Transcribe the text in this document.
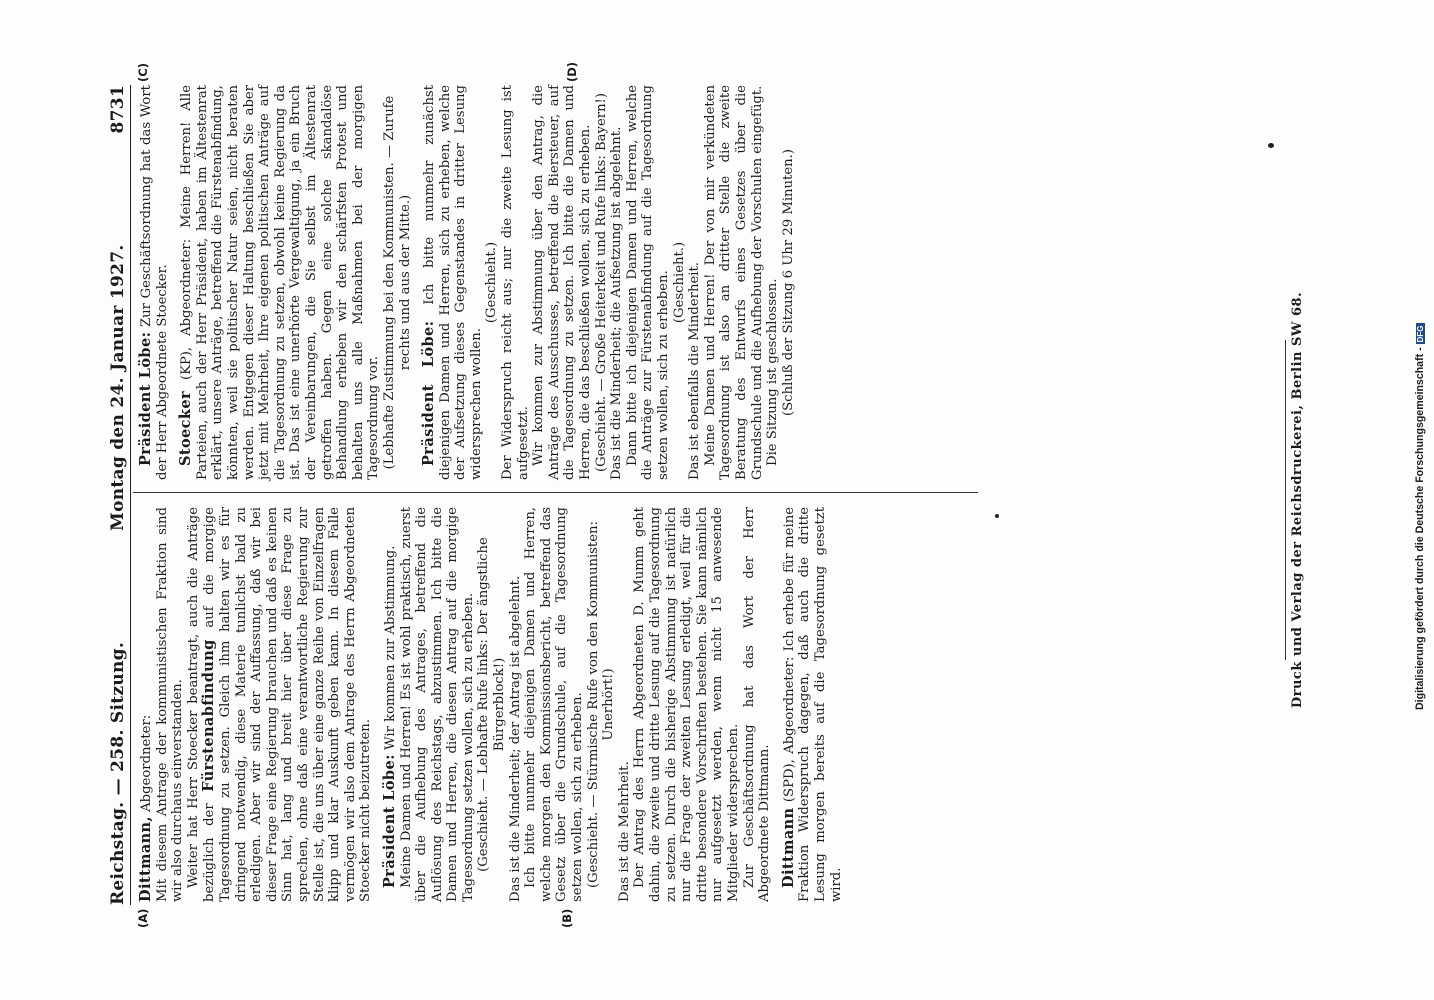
Reichstag. — 258. Sitzung.
Montag den 24. Januar 1927.
8731
(A)	(B)
(C)	(D)

Dittmann, Abgeordneter: Mit diesem Antrage der kommunistischen Fraktion sind wir also durchaus einverstanden. Weiter hat Herr Stoecker beantragt, auch die Anträge bezüglich der Fürstenabfindung auf die morgige Tagesordnung zu setzen. Gleich ihm halten wir es für dringend notwendig, diese Materie tunlichst bald zu erledigen. Aber wir sind der Auffassung, daß wir bei dieser Frage eine Regierung brauchen und daß es keinen Sinn hat, lang und breit hier über diese Frage zu sprechen, ohne daß eine verantwortliche Regierung zur Stelle ist, die uns über eine ganze Reihe von Einzelfragen klipp und klar Auskunft geben kann. In diesem Falle vermögen wir also dem Antrage des Herrn Abgeordneten Stoecker nicht beizutreten. Präsident Löbe: Wir kommen zur Abstimmung. Meine Damen und Herren! Es ist wohl praktisch, zuerst über die Aufhebung des Antrages, betreffend die Auflösung des Reichstags, abzustimmen. Ich bitte die Damen und Herren, die diesen Antrag auf die morgige Tagesordnung setzen wollen, sich zu erheben. (Geschieht. — Lebhafte Rufe links: Der ängstliche Bürgerblock!) Das ist die Minderheit; der Antrag ist abgelehnt. Ich bitte nunmehr diejenigen Damen und Herren, welche morgen den Kommissionsbericht, betreffend das Gesetz über die Grundschule, auf die Tagesordnung setzen wollen, sich zu erheben. (Geschieht. — Stürmische Rufe von den Kommunisten: Unerhört!)

Das ist die Mehrheit. Der Antrag des Herrn Abgeordneten D. Mumm geht dahin, die zweite und dritte Lesung auf die Tagesordnung zu setzen. Durch die bisherige Abstimmung ist natürlich nur die Frage der zweiten Lesung erledigt, weil für die dritte besondere Vorschriften bestehen. Sie kann nämlich nur aufgesetzt werden, wenn nicht 15 anwesende Mitglieder widersprechen. Zur Geschäftsordnung hat das Wort der Herr Abgeordnete Dittmann. Dittmann (SPD), Abgeordneter: Ich erhebe für meine Fraktion Widerspruch dagegen, daß auch die dritte Lesung morgen bereits auf die Tagesordnung gesetzt wird.

Präsident Löbe: Zur Geschäftsordnung hat das Wort der Herr Abgeordnete Stoecker. Stoecker (KP), Abgeordneter: Meine Herren! Alle Parteien, auch der Herr Präsident, haben im Ältestenrat erklärt, unsere Anträge, betreffend die Fürstenabfindung, könnten, weil sie politischer Natur seien, nicht beraten werden. Entgegen dieser Haltung beschließen Sie aber jetzt mit Mehrheit, Ihre eigenen politischen Anträge auf die Tagesordnung zu setzen, obwohl keine Regierung da ist. Das ist eine unerhörte Vergewaltigung, ja ein Bruch der Vereinbarungen, die Sie selbst im Ältestenrat getroffen haben. Gegen eine solche skandalöse Behandlung erheben wir den schärfsten Protest und behalten uns alle Maßnahmen bei der morgigen Tagesordnung vor. (Lebhafte Zustimmung bei den Kommunisten. — Zurufe rechts und aus der Mitte.)

Präsident Löbe: Ich bitte nunmehr zunächst diejenigen Damen und Herren, sich zu erheben, welche der Aufsetzung dieses Gegenstandes in dritter Lesung widersprechen wollen.

(Geschieht.) Der Widerspruch reicht aus; nur die zweite Lesung ist aufgesetzt. Wir kommen zur Abstimmung über den Antrag, die Anträge des Ausschusses, betreffend die Biersteuer, auf die Tagesordnung zu setzen. Ich bitte die Damen und Herren, die das beschließen wollen, sich zu erheben. (Geschieht. — Große Heiterkeit und Rufe links: Bayern!) Das ist die Minderheit; die Aufsetzung ist abgelehnt. Dann bitte ich diejenigen Damen und Herren, welche die Anträge zur Fürstenabfindung auf die Tagesordnung setzen wollen, sich zu erheben. (Geschieht.) Das ist ebenfalls die Minderheit. Meine Damen und Herren! Der von mir verkündeten Tagesordnung ist also an dritter Stelle die zweite Beratung des Entwurfs eines Gesetzes über die Grundschule und die Aufhebung der Vorschulen eingefügt. Die Sitzung ist geschlossen. (Schluß der Sitzung 6 Uhr 29 Minuten.)

Druck und Verlag der Reichsdruckerei, Berlin SW 68.	Digitalisierung gefördert durch die Deutsche Forschungsgemeinschaft -DFG
